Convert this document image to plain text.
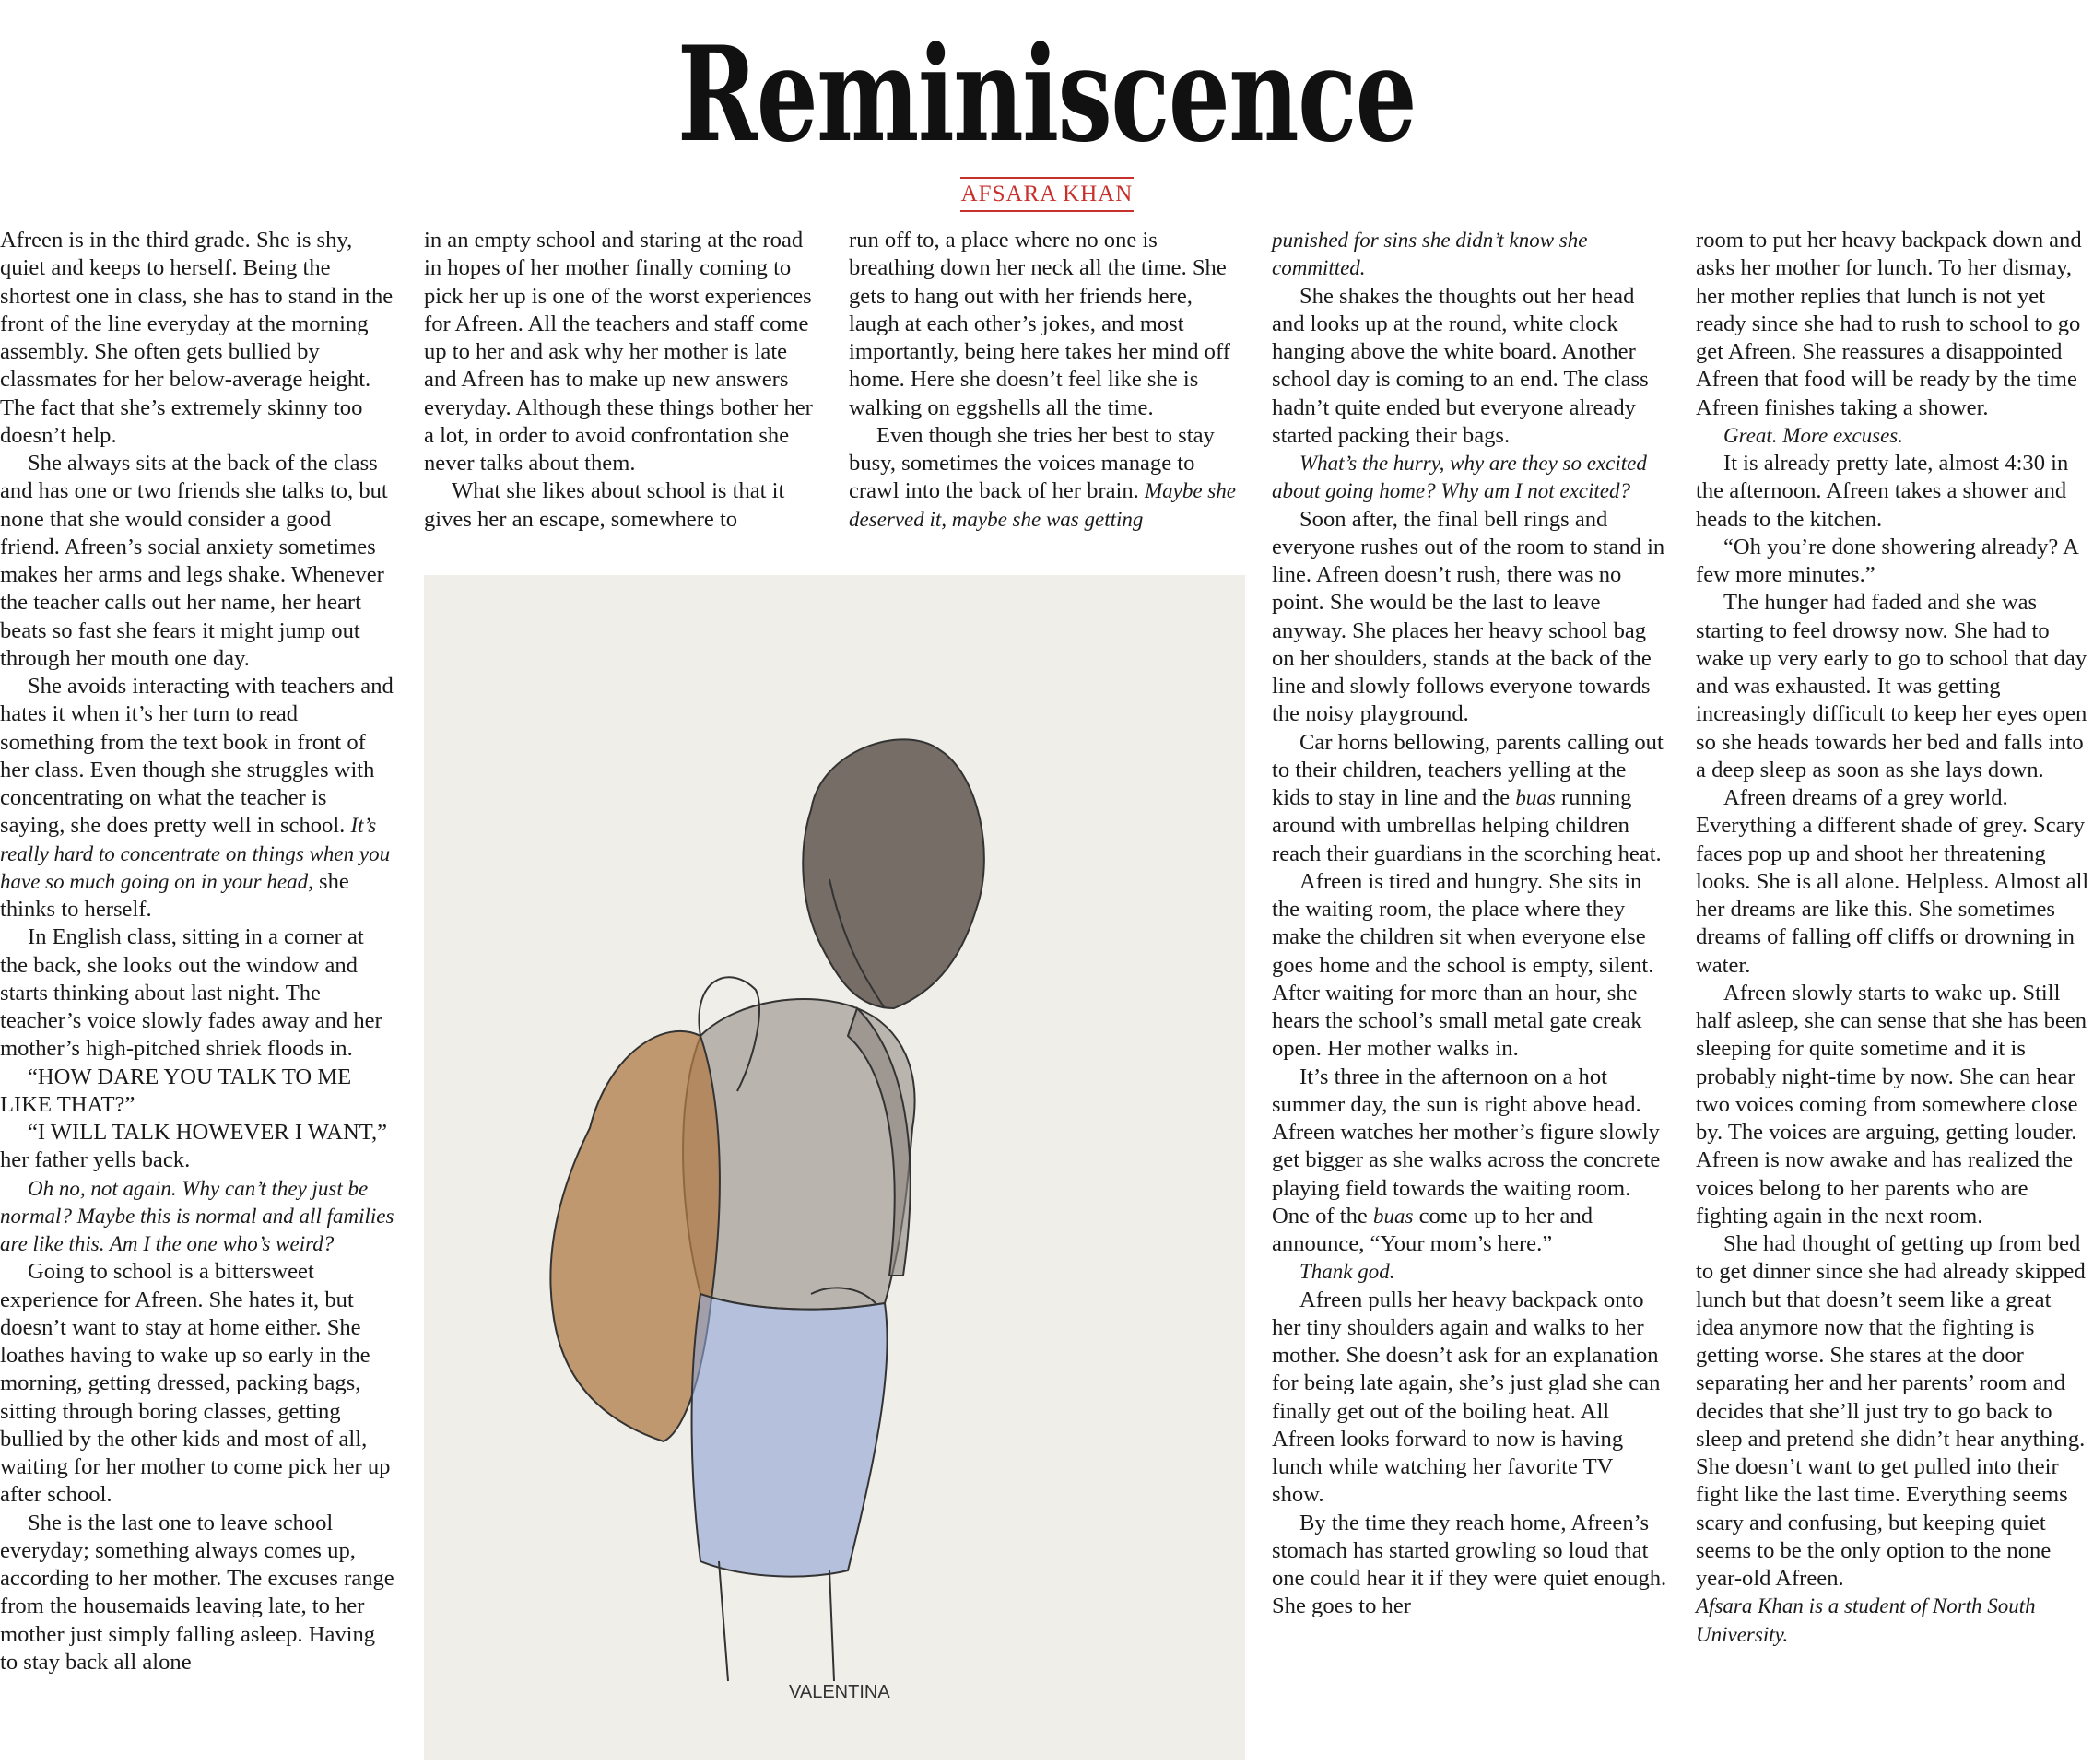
Reminiscence
AFSARA KHAN

Afreen is in the third grade. She is shy, quiet and keeps to herself. Being the shortest one in class, she has to stand in the front of the line everyday at the morning assembly. She often gets bullied by classmates for her below-average height. The fact that she’s extremely skinny too doesn’t help.

She always sits at the back of the class and has one or two friends she talks to, but none that she would consider a good friend. Afreen’s social anxiety sometimes makes her arms and legs shake. Whenever the teacher calls out her name, her heart beats so fast she fears it might jump out through her mouth one day.

She avoids interacting with teachers and hates it when it’s her turn to read something from the text book in front of her class. Even though she struggles with concentrating on what the teacher is saying, she does pretty well in school. It’s really hard to concentrate on things when you have so much going on in your head, she thinks to herself.

In English class, sitting in a corner at the back, she looks out the window and starts thinking about last night. The teacher’s voice slowly fades away and her mother’s high-pitched shriek floods in.

“HOW DARE YOU TALK TO ME LIKE THAT?”

“I WILL TALK HOWEVER I WANT,” her father yells back.

Oh no, not again. Why can’t they just be normal? Maybe this is normal and all families are like this. Am I the one who’s weird?

Going to school is a bittersweet experience for Afreen. She hates it, but doesn’t want to stay at home either. She loathes having to wake up so early in the morning, getting dressed, packing bags, sitting through boring classes, getting bullied by the other kids and most of all, waiting for her mother to come pick her up after school.

She is the last one to leave school everyday; something always comes up, according to her mother. The excuses range from the housemaids leaving late, to her mother just simply falling asleep. Having to stay back all alone

in an empty school and staring at the road in hopes of her mother finally coming to pick her up is one of the worst experiences for Afreen. All the teachers and staff come up to her and ask why her mother is late and Afreen has to make up new answers everyday. Although these things bother her a lot, in order to avoid confrontation she never talks about them.

What she likes about school is that it gives her an escape, somewhere to

run off to, a place where no one is breathing down her neck all the time. She gets to hang out with her friends here, laugh at each other’s jokes, and most importantly, being here takes her mind off home. Here she doesn’t feel like she is walking on eggshells all the time.

Even though she tries her best to stay busy, sometimes the voices manage to crawl into the back of her brain. Maybe she deserved it, maybe she was getting

VALENTINA

punished for sins she didn’t know she committed.

She shakes the thoughts out her head and looks up at the round, white clock hanging above the white board. Another school day is coming to an end. The class hadn’t quite ended but everyone already started packing their bags.

What’s the hurry, why are they so excited about going home? Why am I not excited?

Soon after, the final bell rings and everyone rushes out of the room to stand in line. Afreen doesn’t rush, there was no point. She would be the last to leave anyway. She places her heavy school bag on her shoulders, stands at the back of the line and slowly follows everyone towards the noisy playground.

Car horns bellowing, parents calling out to their children, teachers yelling at the kids to stay in line and the buas running around with umbrellas helping children reach their guardians in the scorching heat.

Afreen is tired and hungry. She sits in the waiting room, the place where they make the children sit when everyone else goes home and the school is empty, silent. After waiting for more than an hour, she hears the school’s small metal gate creak open. Her mother walks in.

It’s three in the afternoon on a hot summer day, the sun is right above head. Afreen watches her mother’s figure slowly get bigger as she walks across the concrete playing field towards the waiting room. One of the buas come up to her and announce, “Your mom’s here.”

Thank god.

Afreen pulls her heavy backpack onto her tiny shoulders again and walks to her mother. She doesn’t ask for an explanation for being late again, she’s just glad she can finally get out of the boiling heat. All Afreen looks forward to now is having lunch while watching her favorite TV show.

By the time they reach home, Afreen’s stomach has started growling so loud that one could hear it if they were quiet enough. She goes to her

room to put her heavy backpack down and asks her mother for lunch. To her dismay, her mother replies that lunch is not yet ready since she had to rush to school to go get Afreen. She reassures a disappointed Afreen that food will be ready by the time Afreen finishes taking a shower.

Great. More excuses.

It is already pretty late, almost 4:30 in the afternoon. Afreen takes a shower and heads to the kitchen.

“Oh you’re done showering already? A few more minutes.”

The hunger had faded and she was starting to feel drowsy now. She had to wake up very early to go to school that day and was exhausted. It was getting increasingly difficult to keep her eyes open so she heads towards her bed and falls into a deep sleep as soon as she lays down.

Afreen dreams of a grey world. Everything a different shade of grey. Scary faces pop up and shoot her threatening looks. She is all alone. Helpless. Almost all her dreams are like this. She sometimes dreams of falling off cliffs or drowning in water.

Afreen slowly starts to wake up. Still half asleep, she can sense that she has been sleeping for quite sometime and it is probably night-time by now. She can hear two voices coming from somewhere close by. The voices are arguing, getting louder. Afreen is now awake and has realized the voices belong to her parents who are fighting again in the next room.

She had thought of getting up from bed to get dinner since she had already skipped lunch but that doesn’t seem like a great idea anymore now that the fighting is getting worse. She stares at the door separating her and her parents’ room and decides that she’ll just try to go back to sleep and pretend she didn’t hear anything. She doesn’t want to get pulled into their fight like the last time. Everything seems scary and confusing, but keeping quiet seems to be the only option to the none year-old Afreen.

Afsara Khan is a student of North South University.
